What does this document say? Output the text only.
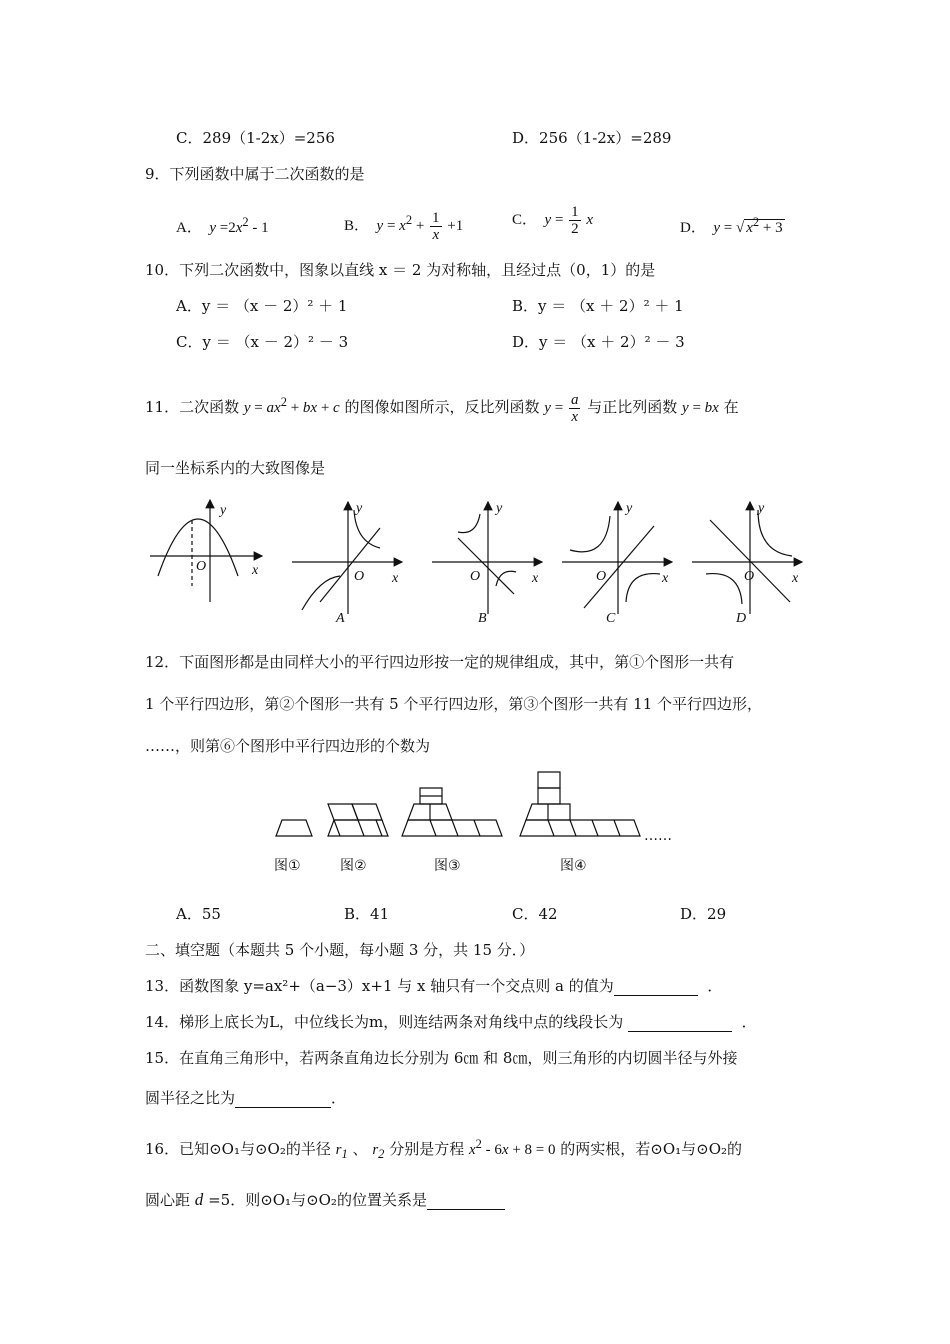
C．289（1-2x）=256	D．256（1-2x）=289
9．下列函数中属于二次函数的是
A． $y =2x^2 - 1$	B． $y = x^2 + \frac{1}{x} +1$	C． $y = \frac{1}{2}$ x	D． y = √ $x^2 + 3$
10．下列二次函数中，图象以直线 x ＝ 2 为对称轴，且经过点（0，1）的是
A．y ＝ （x － 2）² ＋ 1	B．y ＝ （x ＋ 2）² ＋ 1
C．y ＝ （x － 2）² － 3	D．y ＝ （x ＋ 2）² － 3
11．二次函数 $y = ax^2$ + bx + c 的图像如图所示，反比列函数 $y = \frac{a}{x}$ 与正比列函数 y = bx 在
同一坐标系内的大致图像是
y
x
O
y
x
O
A
y
x
O
B
y
x
O
C
y
x
O
D
12．下面图形都是由同样大小的平行四边形按一定的规律组成，其中，第①个图形一共有
1 个平行四边形，第②个图形一共有 5 个平行四边形，第③个图形一共有 11 个平行四边形，
……，则第⑥个图形中平行四边形的个数为
……
图①	图②	图③	图④
A．55	B．41	C．42	D．29
二、填空题（本题共 5 个小题，每小题 3 分，共 15 分．）
13．函数图象 y=ax²+（a−3）x+1 与 x 轴只有一个交点则 a 的值为	．
14．梯形上底长为L，中位线长为m，则连结两条对角线中点的线段长为	．
15．在直角三角形中，若两条直角边长分别为 6㎝ 和 8㎝，则三角形的内切圆半径与外接
圆半径之比为	．
16．已知⊙O₁与⊙O₂的半径 $r_1$ 、 $r_2$ 分别是方程 $x^2 - 6x + 8 = 0$ 的两实根，若⊙O₁与⊙O₂的
圆心距 d =5．则⊙O₁与⊙O₂的位置关系是
